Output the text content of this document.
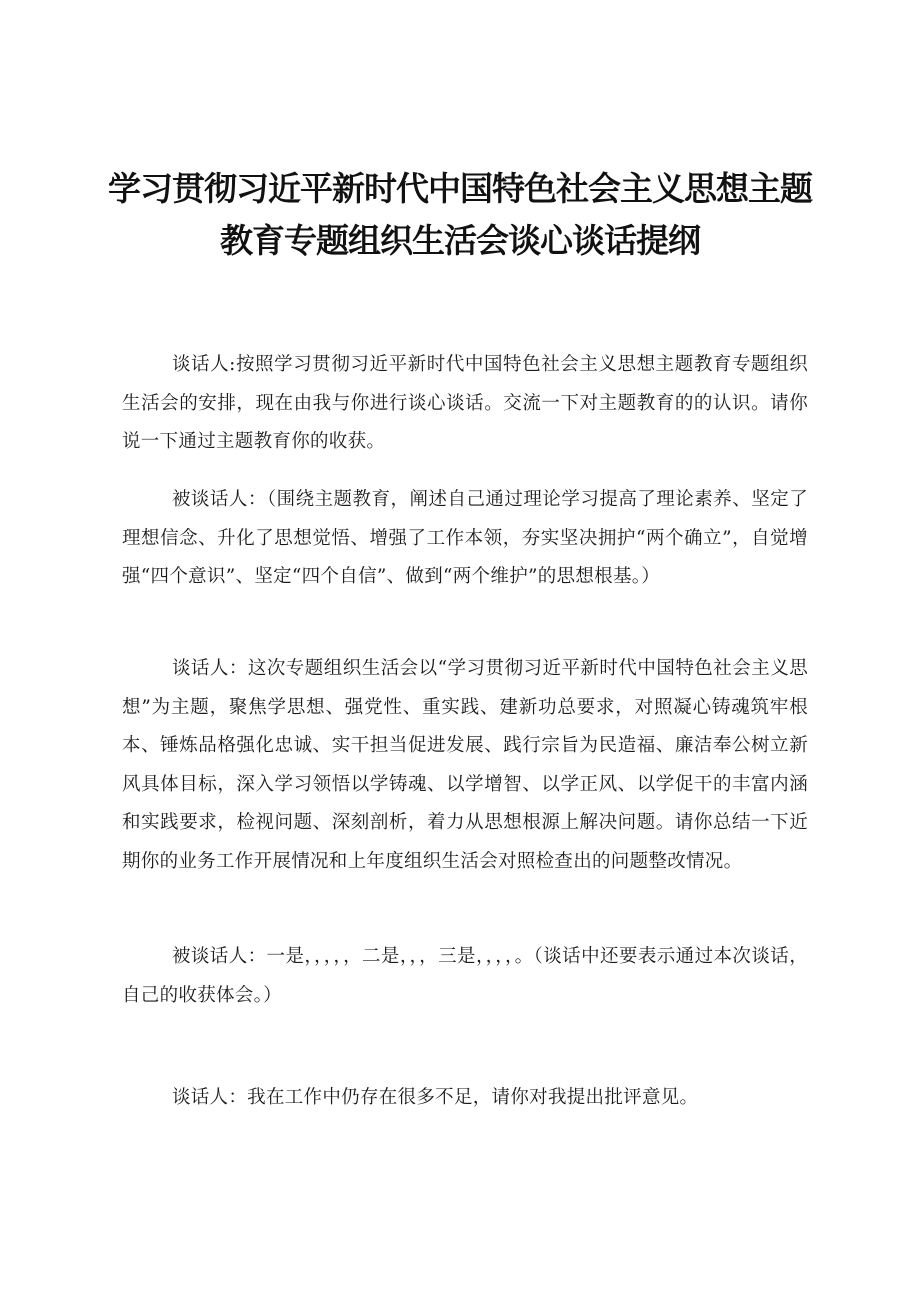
学习贯彻习近平新时代中国特色社会主义思想主题
教育专题组织生活会谈心谈话提纲

谈话人:按照学习贯彻习近平新时代中国特色社会主义思想主题教育专题组织生活会的安排，现在由我与你进行谈心谈话。交流一下对主题教育的的认识。请你说一下通过主题教育你的收获。

被谈话人：（围绕主题教育，阐述自己通过理论学习提高了理论素养、坚定了理想信念、升化了思想觉悟、增强了工作本领，夯实坚决拥护“两个确立”，自觉增强“四个意识”、坚定“四个自信”、做到“两个维护”的思想根基。）

谈话人：这次专题组织生活会以“学习贯彻习近平新时代中国特色社会主义思想”为主题，聚焦学思想、强党性、重实践、建新功总要求，对照凝心铸魂筑牢根本、锤炼品格强化忠诚、实干担当促进发展、践行宗旨为民造福、廉洁奉公树立新风具体目标，深入学习领悟以学铸魂、以学增智、以学正风、以学促干的丰富内涵和实践要求，检视问题、深刻剖析，着力从思想根源上解决问题。请你总结一下近期你的业务工作开展情况和上年度组织生活会对照检查出的问题整改情况。

被谈话人：一是，，，，，二是，，，三是，，，，。（谈话中还要表示通过本次谈话，自己的收获体会。）

谈话人：我在工作中仍存在很多不足，请你对我提出批评意见。
